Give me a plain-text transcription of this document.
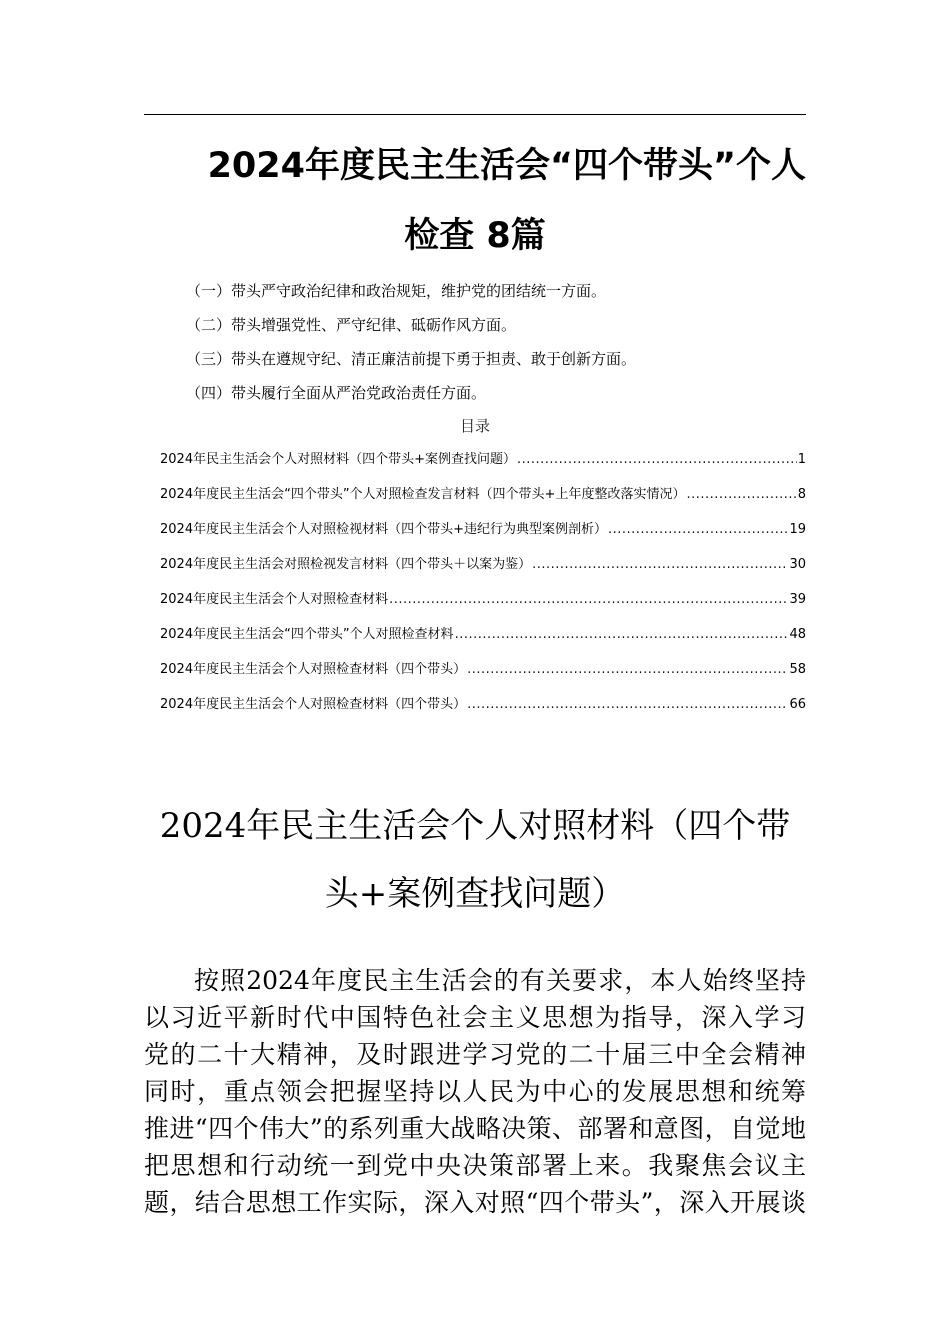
2024年度民主生活会“四个带头”个人
检查 8篇
（一）带头严守政治纪律和政治规矩，维护党的团结统一方面。
（二）带头增强党性、严守纪律、砥砺作风方面。
（三）带头在遵规守纪、清正廉洁前提下勇于担责、敢于创新方面。
（四）带头履行全面从严治党政治责任方面。
目录
2024年民主生活会个人对照材料（四个带头+案例查找问题） .....	1
2024年度民主生活会“四个带头”个人对照检查发言材料（四个带头+上年度整改落实情况） .....	8
2024年度民主生活会个人对照检视材料（四个带头+违纪行为典型案例剖析） .....	19
2024年度民主生活会对照检视发言材料（四个带头＋以案为鉴） .....	30
2024年度民主生活会个人对照检查材料 .....	39
2024年度民主生活会“四个带头”个人对照检查材料 .....	48
2024年度民主生活会个人对照检查材料（四个带头） .....	58
2024年度民主生活会个人对照检查材料（四个带头） .....	66
2024年民主生活会个人对照材料（四个带
头+案例查找问题）
按照2024年度民主生活会的有关要求，本人始终坚持
以习近平新时代中国特色社会主义思想为指导，深入学习
党的二十大精神，及时跟进学习党的二十届三中全会精神
同时，重点领会把握坚持以人民为中心的发展思想和统筹
推进“四个伟大”的系列重大战略决策、部署和意图，自觉地
把思想和行动统一到党中央决策部署上来。我聚焦会议主
题，结合思想工作实际，深入对照“四个带头”，深入开展谈
